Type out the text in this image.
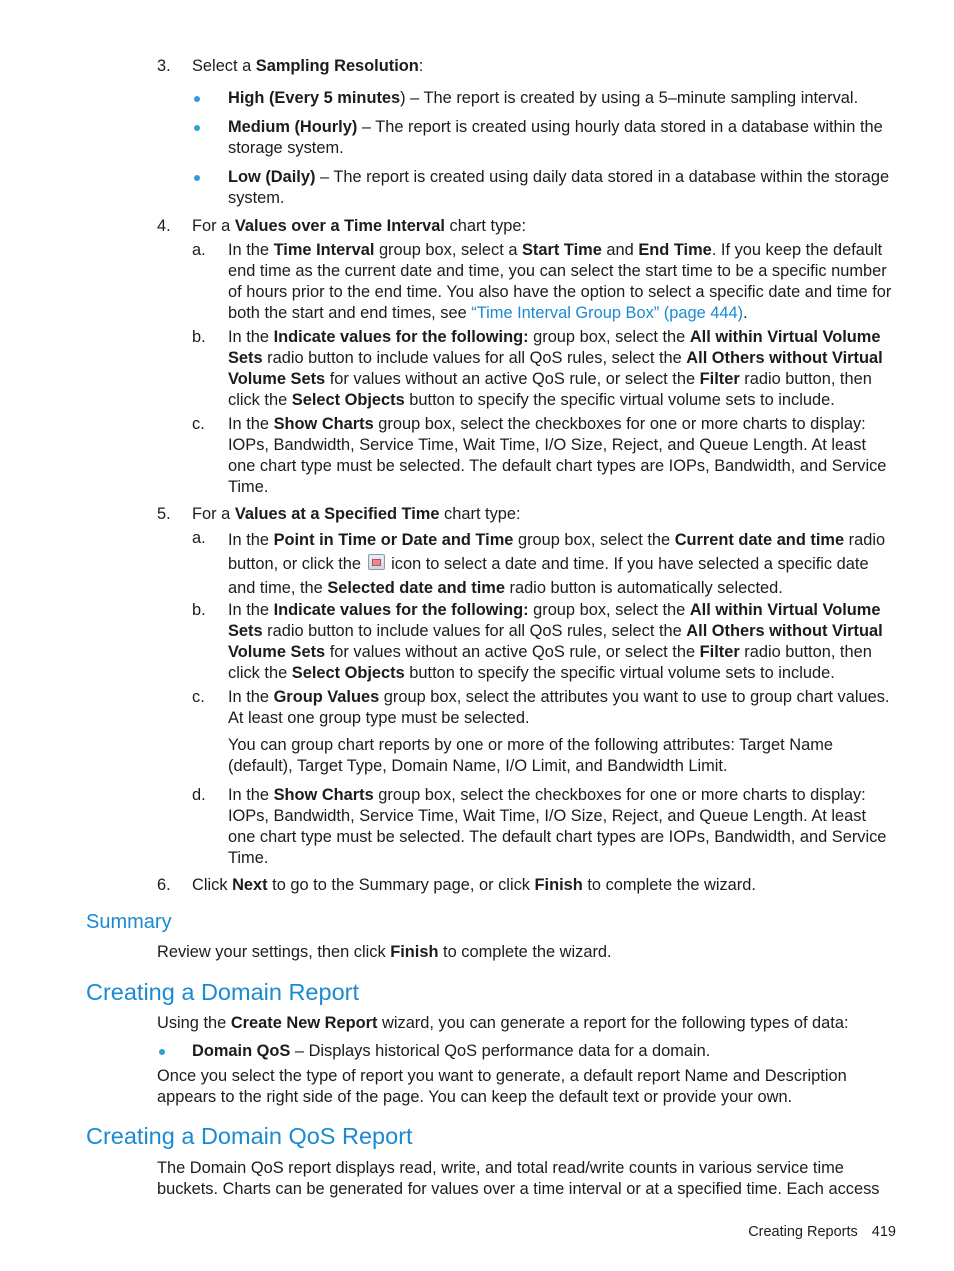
3. Select a Sampling Resolution:
High (Every 5 minutes) – The report is created by using a 5–minute sampling interval.
Medium (Hourly) – The report is created using hourly data stored in a database within the storage system.
Low (Daily) – The report is created using daily data stored in a database within the storage system.
4. For a Values over a Time Interval chart type:
a. In the Time Interval group box, select a Start Time and End Time. If you keep the default end time as the current date and time, you can select the start time to be a specific number of hours prior to the end time. You also have the option to select a specific date and time for both the start and end times, see “Time Interval Group Box” (page 444).
b. In the Indicate values for the following: group box, select the All within Virtual Volume Sets radio button to include values for all QoS rules, select the All Others without Virtual Volume Sets for values without an active QoS rule, or select the Filter radio button, then click the Select Objects button to specify the specific virtual volume sets to include.
c. In the Show Charts group box, select the checkboxes for one or more charts to display: IOPs, Bandwidth, Service Time, Wait Time, I/O Size, Reject, and Queue Length. At least one chart type must be selected. The default chart types are IOPs, Bandwidth, and Service Time.
5. For a Values at a Specified Time chart type:
a. In the Point in Time or Date and Time group box, select the Current date and time radio button, or click the  icon to select a date and time. If you have selected a specific date and time, the Selected date and time radio button is automatically selected.
b. In the Indicate values for the following: group box, select the All within Virtual Volume Sets radio button to include values for all QoS rules, select the All Others without Virtual Volume Sets for values without an active QoS rule, or select the Filter radio button, then click the Select Objects button to specify the specific virtual volume sets to include.
c. In the Group Values group box, select the attributes you want to use to group chart values. At least one group type must be selected.
You can group chart reports by one or more of the following attributes: Target Name (default), Target Type, Domain Name, I/O Limit, and Bandwidth Limit.
d. In the Show Charts group box, select the checkboxes for one or more charts to display: IOPs, Bandwidth, Service Time, Wait Time, I/O Size, Reject, and Queue Length. At least one chart type must be selected. The default chart types are IOPs, Bandwidth, and Service Time.
6. Click Next to go to the Summary page, or click Finish to complete the wizard.
Summary
Review your settings, then click Finish to complete the wizard.
Creating a Domain Report
Using the Create New Report wizard, you can generate a report for the following types of data:
Domain QoS – Displays historical QoS performance data for a domain.
Once you select the type of report you want to generate, a default report Name and Description appears to the right side of the page. You can keep the default text or provide your own.
Creating a Domain QoS Report
The Domain QoS report displays read, write, and total read/write counts in various service time buckets. Charts can be generated for values over a time interval or at a specified time. Each access
Creating Reports 419
